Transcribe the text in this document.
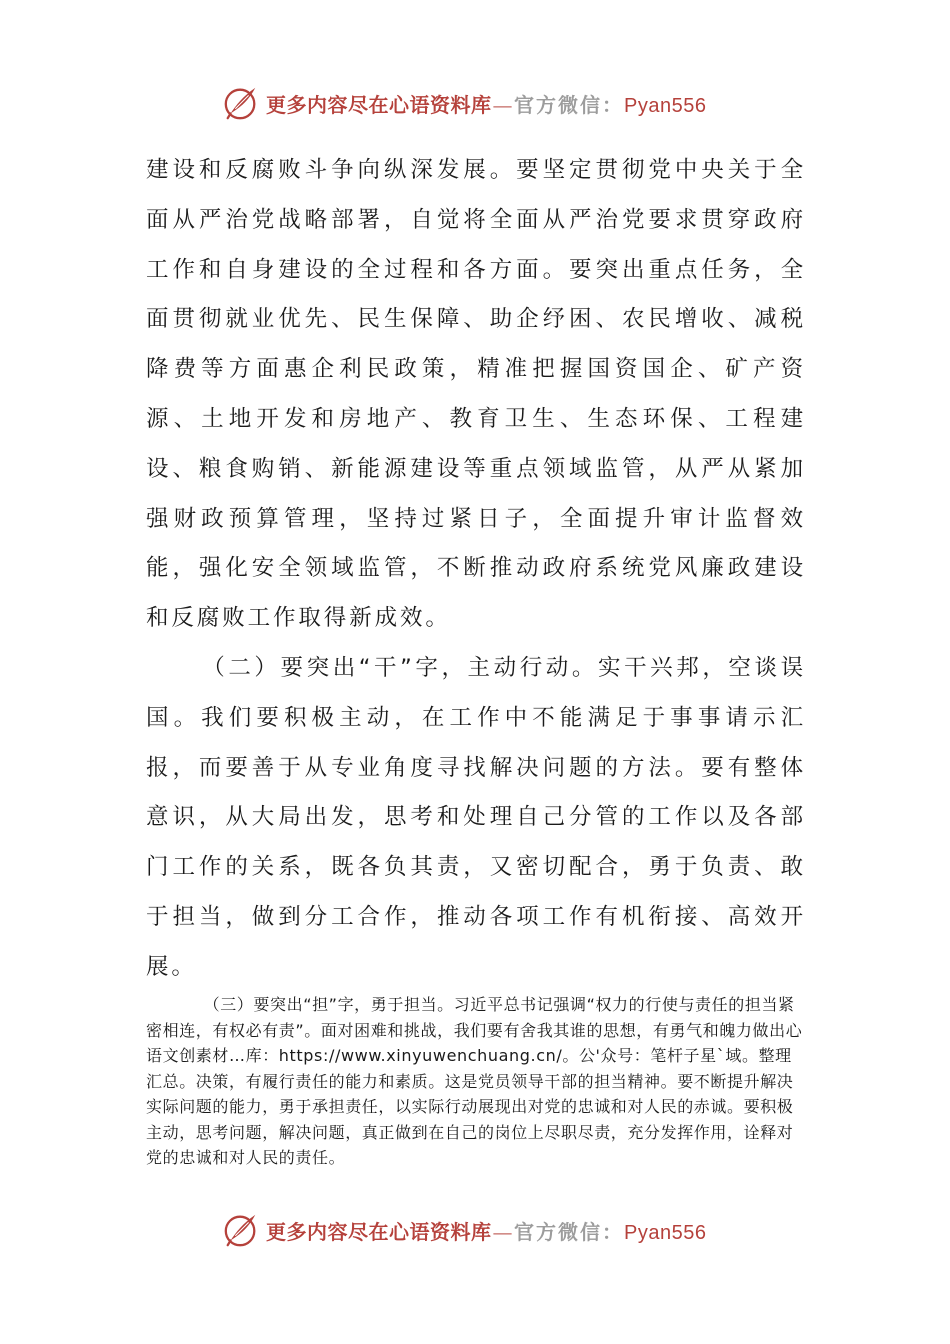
更多内容尽在心语资料库—官方微信：Pyan556

建设和反腐败斗争向纵深发展。要坚定贯彻党中央关于全面从严治党战略部署，自觉将全面从严治党要求贯穿政府工作和自身建设的全过程和各方面。要突出重点任务，全面贯彻就业优先、民生保障、助企纾困、农民增收、减税降费等方面惠企利民政策，精准把握国资国企、矿产资源、土地开发和房地产、教育卫生、生态环保、工程建设、粮食购销、新能源建设等重点领域监管，从严从紧加强财政预算管理，坚持过紧日子，全面提升审计监督效能，强化安全领域监管，不断推动政府系统党风廉政建设和反腐败工作取得新成效。

（二）要突出“干”字，主动行动。实干兴邦，空谈误国。我们要积极主动，在工作中不能满足于事事请示汇报，而要善于从专业角度寻找解决问题的方法。要有整体意识，从大局出发，思考和处理自己分管的工作以及各部门工作的关系，既各负其责，又密切配合，勇于负责、敢于担当，做到分工合作，推动各项工作有机衔接、高效开展。

（三）要突出“担”字，勇于担当。习近平总书记强调“权力的行使与责任的担当紧密相连，有权必有责”。面对困难和挑战，我们要有舍我其谁的思想，有勇气和魄力做出心语文创素材…库：https://www.xinyuwenchuang.cn/。公'众号：笔杆子星`域。整理汇总。决策，有履行责任的能力和素质。这是党员领导干部的担当精神。要不断提升解决实际问题的能力，勇于承担责任，以实际行动展现出对党的忠诚和对人民的赤诚。要积极主动，思考问题，解决问题，真正做到在自己的岗位上尽职尽责，充分发挥作用，诠释对党的忠诚和对人民的责任。

更多内容尽在心语资料库—官方微信：Pyan556
